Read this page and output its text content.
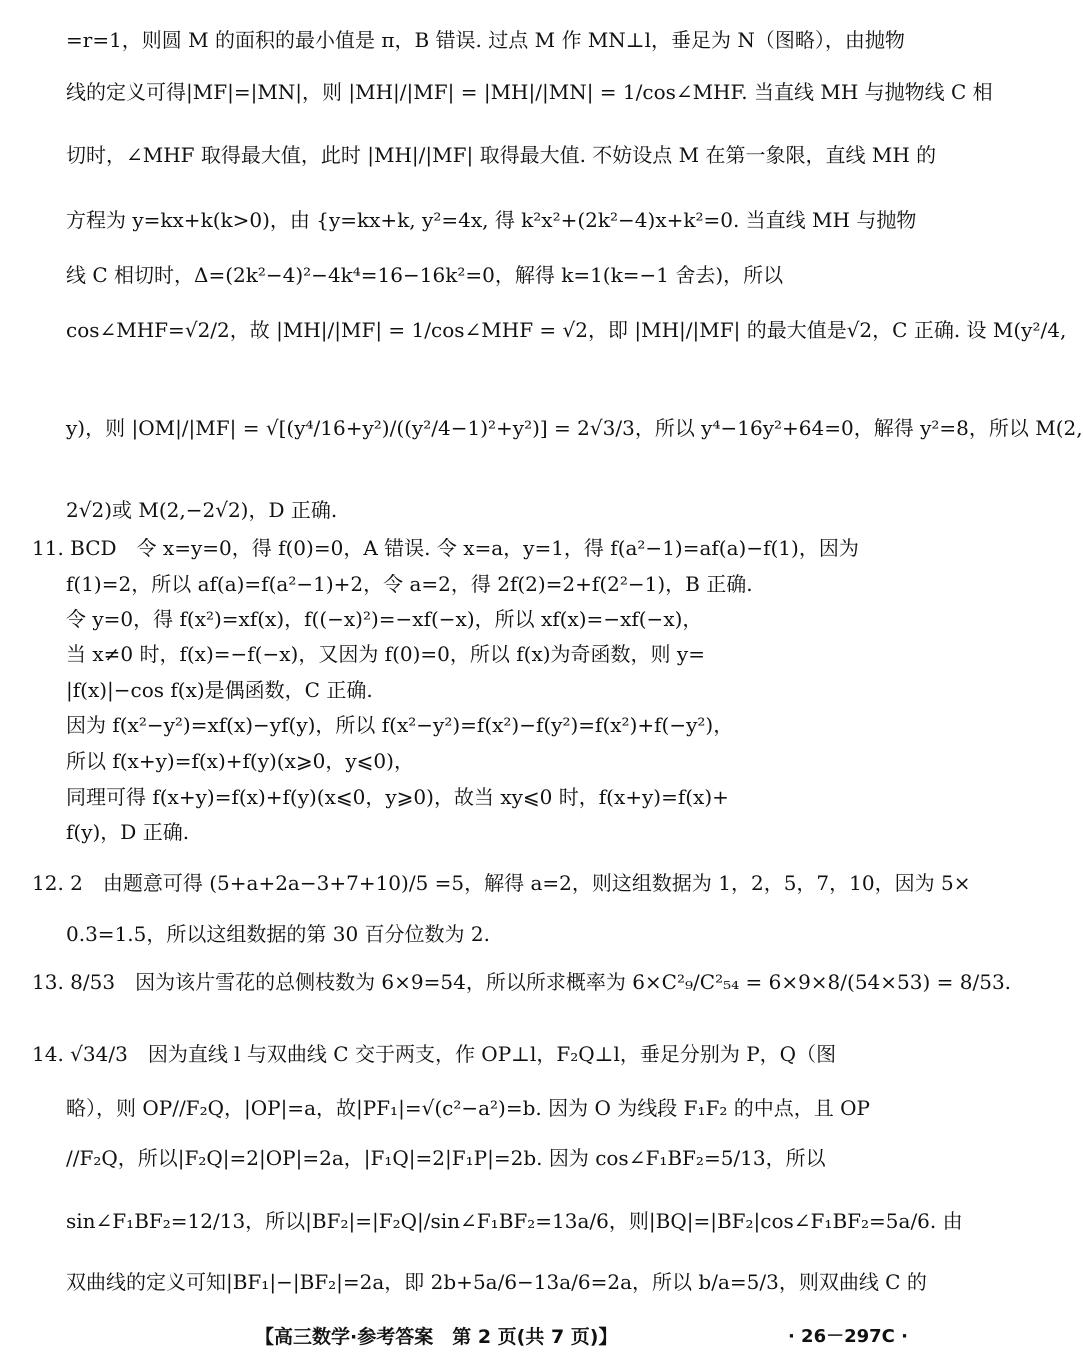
=r=1，则圆 M 的面积的最小值是 π，B 错误. 过点 M 作 MN⊥l，垂足为 N（图略），由抛物
线的定义可得|MF|=|MN|，则 |MH|/|MF| = |MH|/|MN| = 1/cos∠MHF. 当直线 MH 与抛物线 C 相
切时，∠MHF 取得最大值，此时 |MH|/|MF| 取得最大值. 不妨设点 M 在第一象限，直线 MH 的
方程为 y=kx+k(k>0)，由 {y=kx+k, y²=4x, 得 k²x²+(2k²−4)x+k²=0. 当直线 MH 与抛物
线 C 相切时，Δ=(2k²−4)²−4k⁴=16−16k²=0，解得 k=1(k=−1 舍去)，所以
cos∠MHF=√2/2，故 |MH|/|MF| = 1/cos∠MHF = √2，即 |MH|/|MF| 的最大值是√2，C 正确. 设 M(y²/4,
y)，则 |OM|/|MF| = √[(y⁴/16+y²)/((y²/4−1)²+y²)] = 2√3/3，所以 y⁴−16y²+64=0，解得 y²=8，所以 M(2,
2√2)或 M(2,−2√2)，D 正确.
11. BCD　令 x=y=0，得 f(0)=0，A 错误. 令 x=a，y=1，得 f(a²−1)=af(a)−f(1)，因为
f(1)=2，所以 af(a)=f(a²−1)+2，令 a=2，得 2f(2)=2+f(2²−1)，B 正确.
令 y=0，得 f(x²)=xf(x)，f((−x)²)=−xf(−x)，所以 xf(x)=−xf(−x)，
当 x≠0 时，f(x)=−f(−x)，又因为 f(0)=0，所以 f(x)为奇函数，则 y=
|f(x)|−cos f(x)是偶函数，C 正确.
因为 f(x²−y²)=xf(x)−yf(y)，所以 f(x²−y²)=f(x²)−f(y²)=f(x²)+f(−y²)，
所以 f(x+y)=f(x)+f(y)(x⩾0，y⩽0)，
同理可得 f(x+y)=f(x)+f(y)(x⩽0，y⩾0)，故当 xy⩽0 时，f(x+y)=f(x)+
f(y)，D 正确.
12. 2　由题意可得 (5+a+2a−3+7+10)/5 =5，解得 a=2，则这组数据为 1，2，5，7，10，因为 5×
0.3=1.5，所以这组数据的第 30 百分位数为 2.
13. 8/53　因为该片雪花的总侧枝数为 6×9=54，所以所求概率为 6×C²₉/C²₅₄ = 6×9×8/(54×53) = 8/53.
14. √34/3　因为直线 l 与双曲线 C 交于两支，作 OP⊥l，F₂Q⊥l，垂足分别为 P，Q（图
略），则 OP//F₂Q，|OP|=a，故|PF₁|=√(c²−a²)=b. 因为 O 为线段 F₁F₂ 的中点，且 OP
//F₂Q，所以|F₂Q|=2|OP|=2a，|F₁Q|=2|F₁P|=2b. 因为 cos∠F₁BF₂=5/13，所以
sin∠F₁BF₂=12/13，所以|BF₂|=|F₂Q|/sin∠F₁BF₂=13a/6，则|BQ|=|BF₂|cos∠F₁BF₂=5a/6. 由
双曲线的定义可知|BF₁|−|BF₂|=2a，即 2b+5a/6−13a/6=2a，所以 b/a=5/3，则双曲线 C 的
【高三数学·参考答案　第 2 页(共 7 页)】	· 26－297C ·
